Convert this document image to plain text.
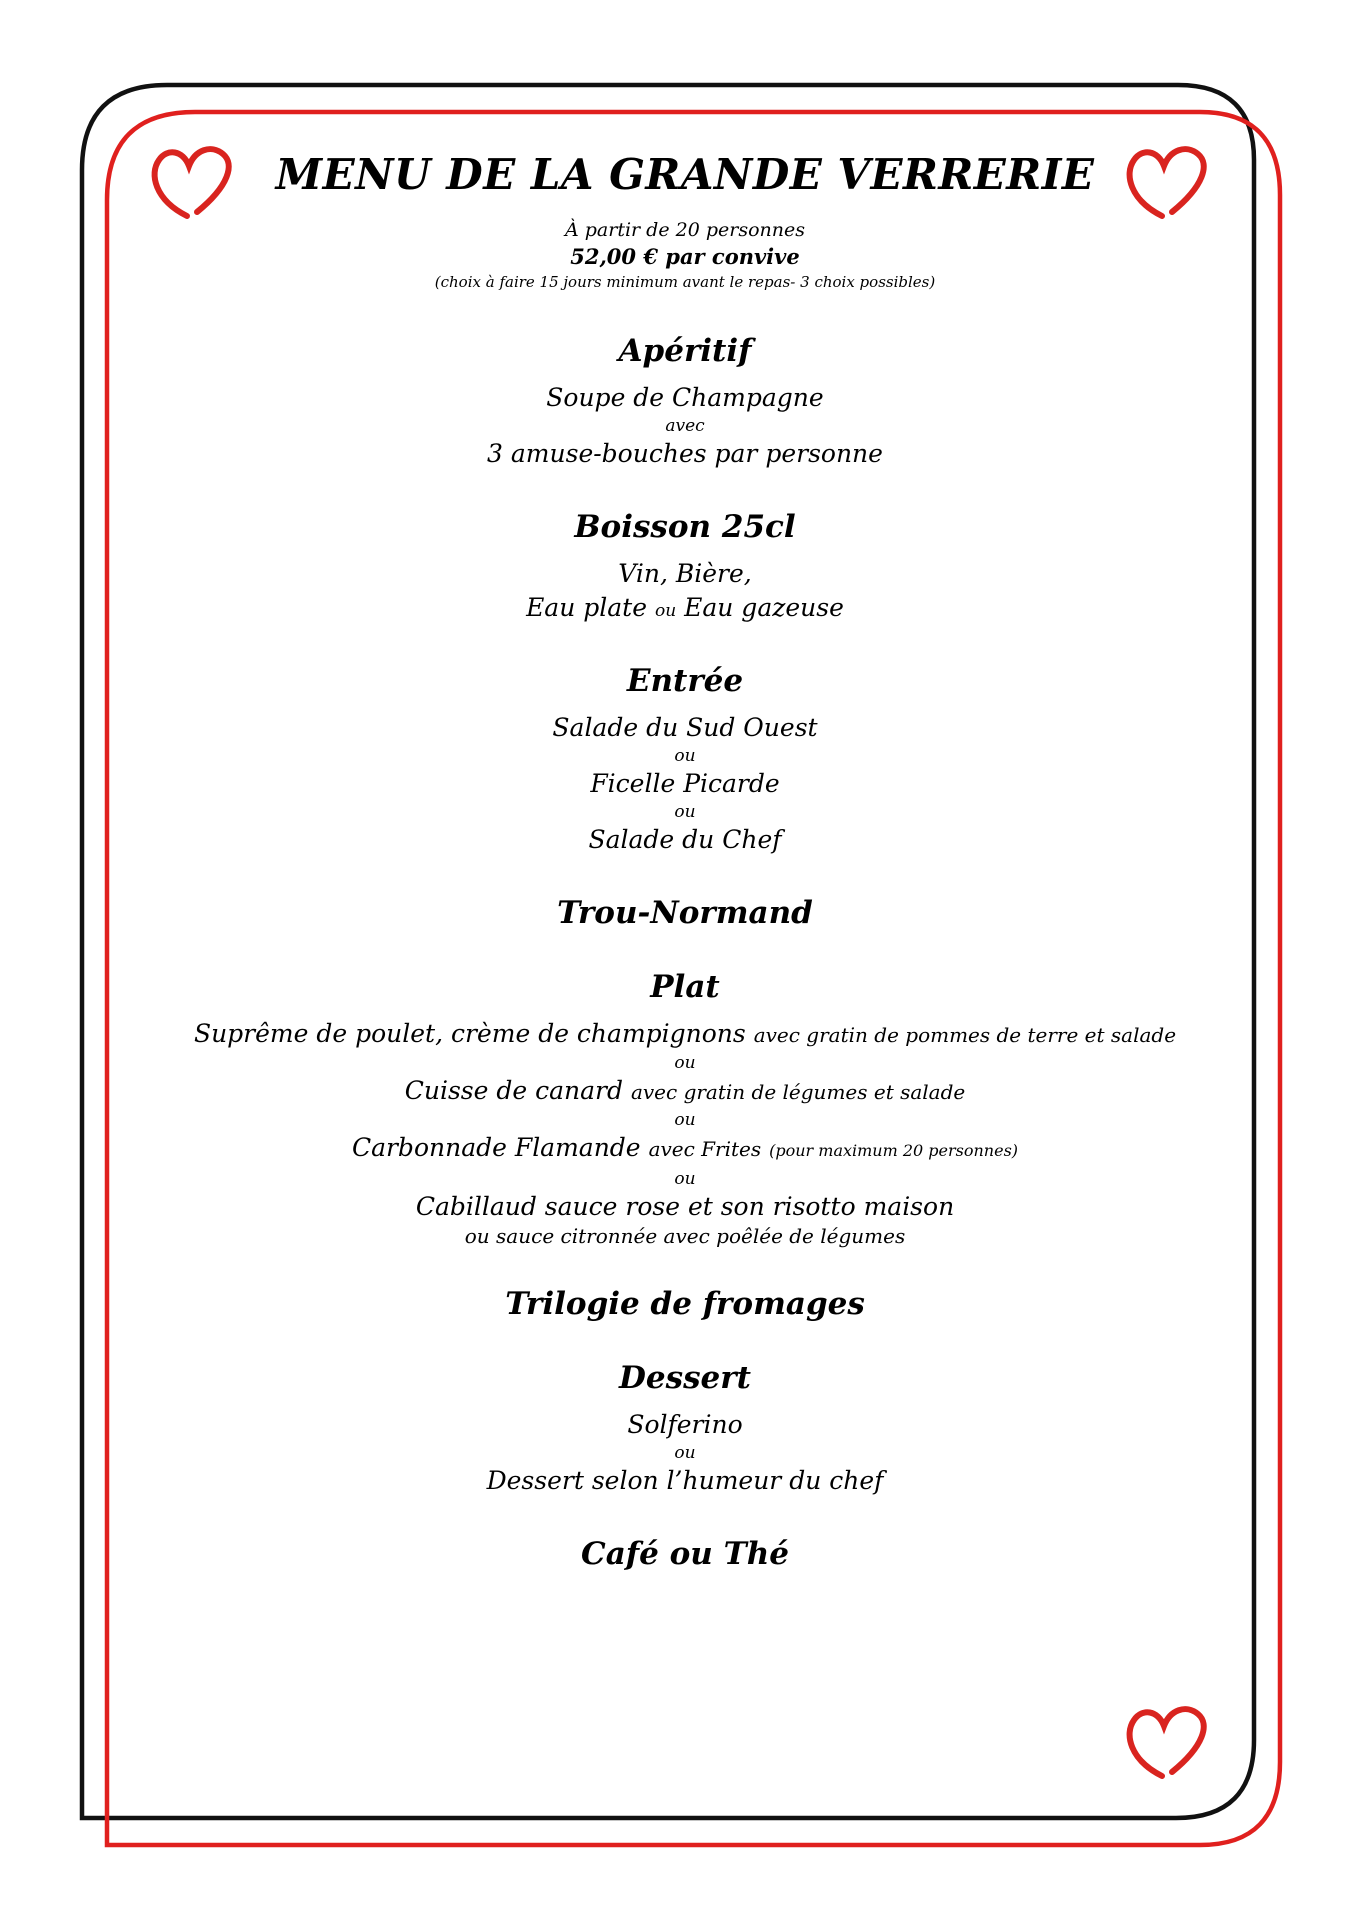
MENU DE LA GRANDE VERRERIE
À partir de 20 personnes
52,00 € par convive
(choix à faire 15 jours minimum avant le repas- 3 choix possibles)
Apéritif
Soupe de Champagne
avec
3 amuse-bouches par personne
Boisson 25cl
Vin, Bière,
Eau plate ou Eau gazeuse
Entrée
Salade du Sud Ouest
ou
Ficelle Picarde
ou
Salade du Chef
Trou-Normand
Plat
Suprême de poulet, crème de champignons avec gratin de pommes de terre et salade
ou
Cuisse de canard avec gratin de légumes et salade
ou
Carbonnade Flamande avec Frites (pour maximum 20 personnes)
ou
Cabillaud sauce rose et son risotto maison
ou sauce citronnée avec poêlée de légumes
Trilogie de fromages
Dessert
Solferino
ou
Dessert selon l’humeur du chef
Café ou Thé
